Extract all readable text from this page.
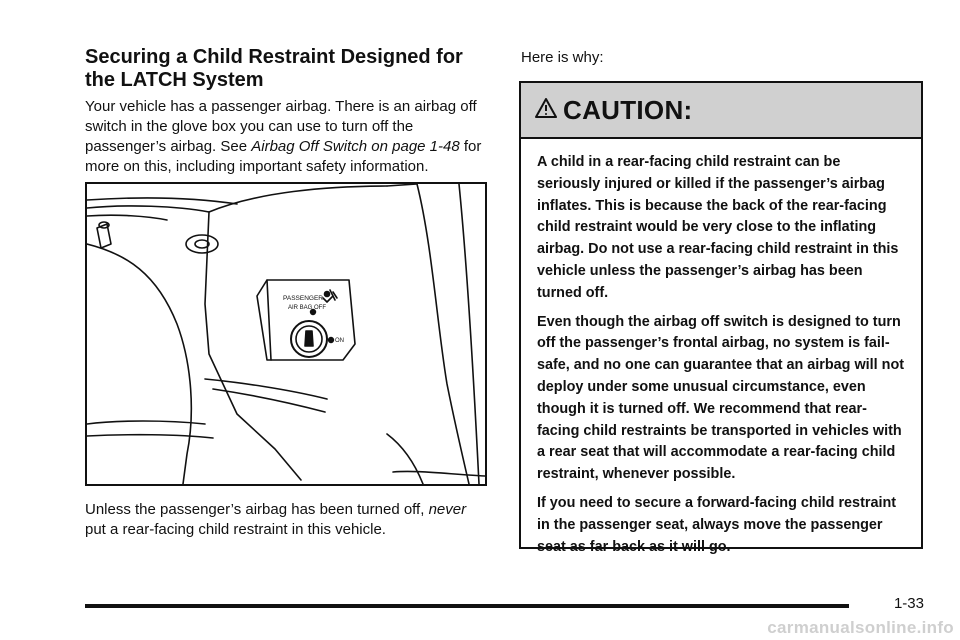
Securing a Child Restraint Designed for the LATCH System

Your vehicle has a passenger airbag. There is an airbag off switch in the glove box you can use to turn off the passenger’s airbag. See Airbag Off Switch on page 1-48 for more on this, including important safety information.

PASSENGER
AIR BAG OFF
ON

Unless the passenger’s airbag has been turned off, never put a rear-facing child restraint in this vehicle.

Here is why:

CAUTION:

A child in a rear-facing child restraint can be seriously injured or killed if the passenger’s airbag inflates. This is because the back of the rear-facing child restraint would be very close to the inflating airbag. Do not use a rear-facing child restraint in this vehicle unless the passenger’s airbag has been turned off.

Even though the airbag off switch is designed to turn off the passenger’s frontal airbag, no system is fail-safe, and no one can guarantee that an airbag will not deploy under some unusual circumstance, even though it is turned off. We recommend that rear-facing child restraints be transported in vehicles with a rear seat that will accommodate a rear-facing child restraint, whenever possible.

If you need to secure a forward-facing child restraint in the passenger seat, always move the passenger seat as far back as it will go.

1-33
carmanualsonline.info
